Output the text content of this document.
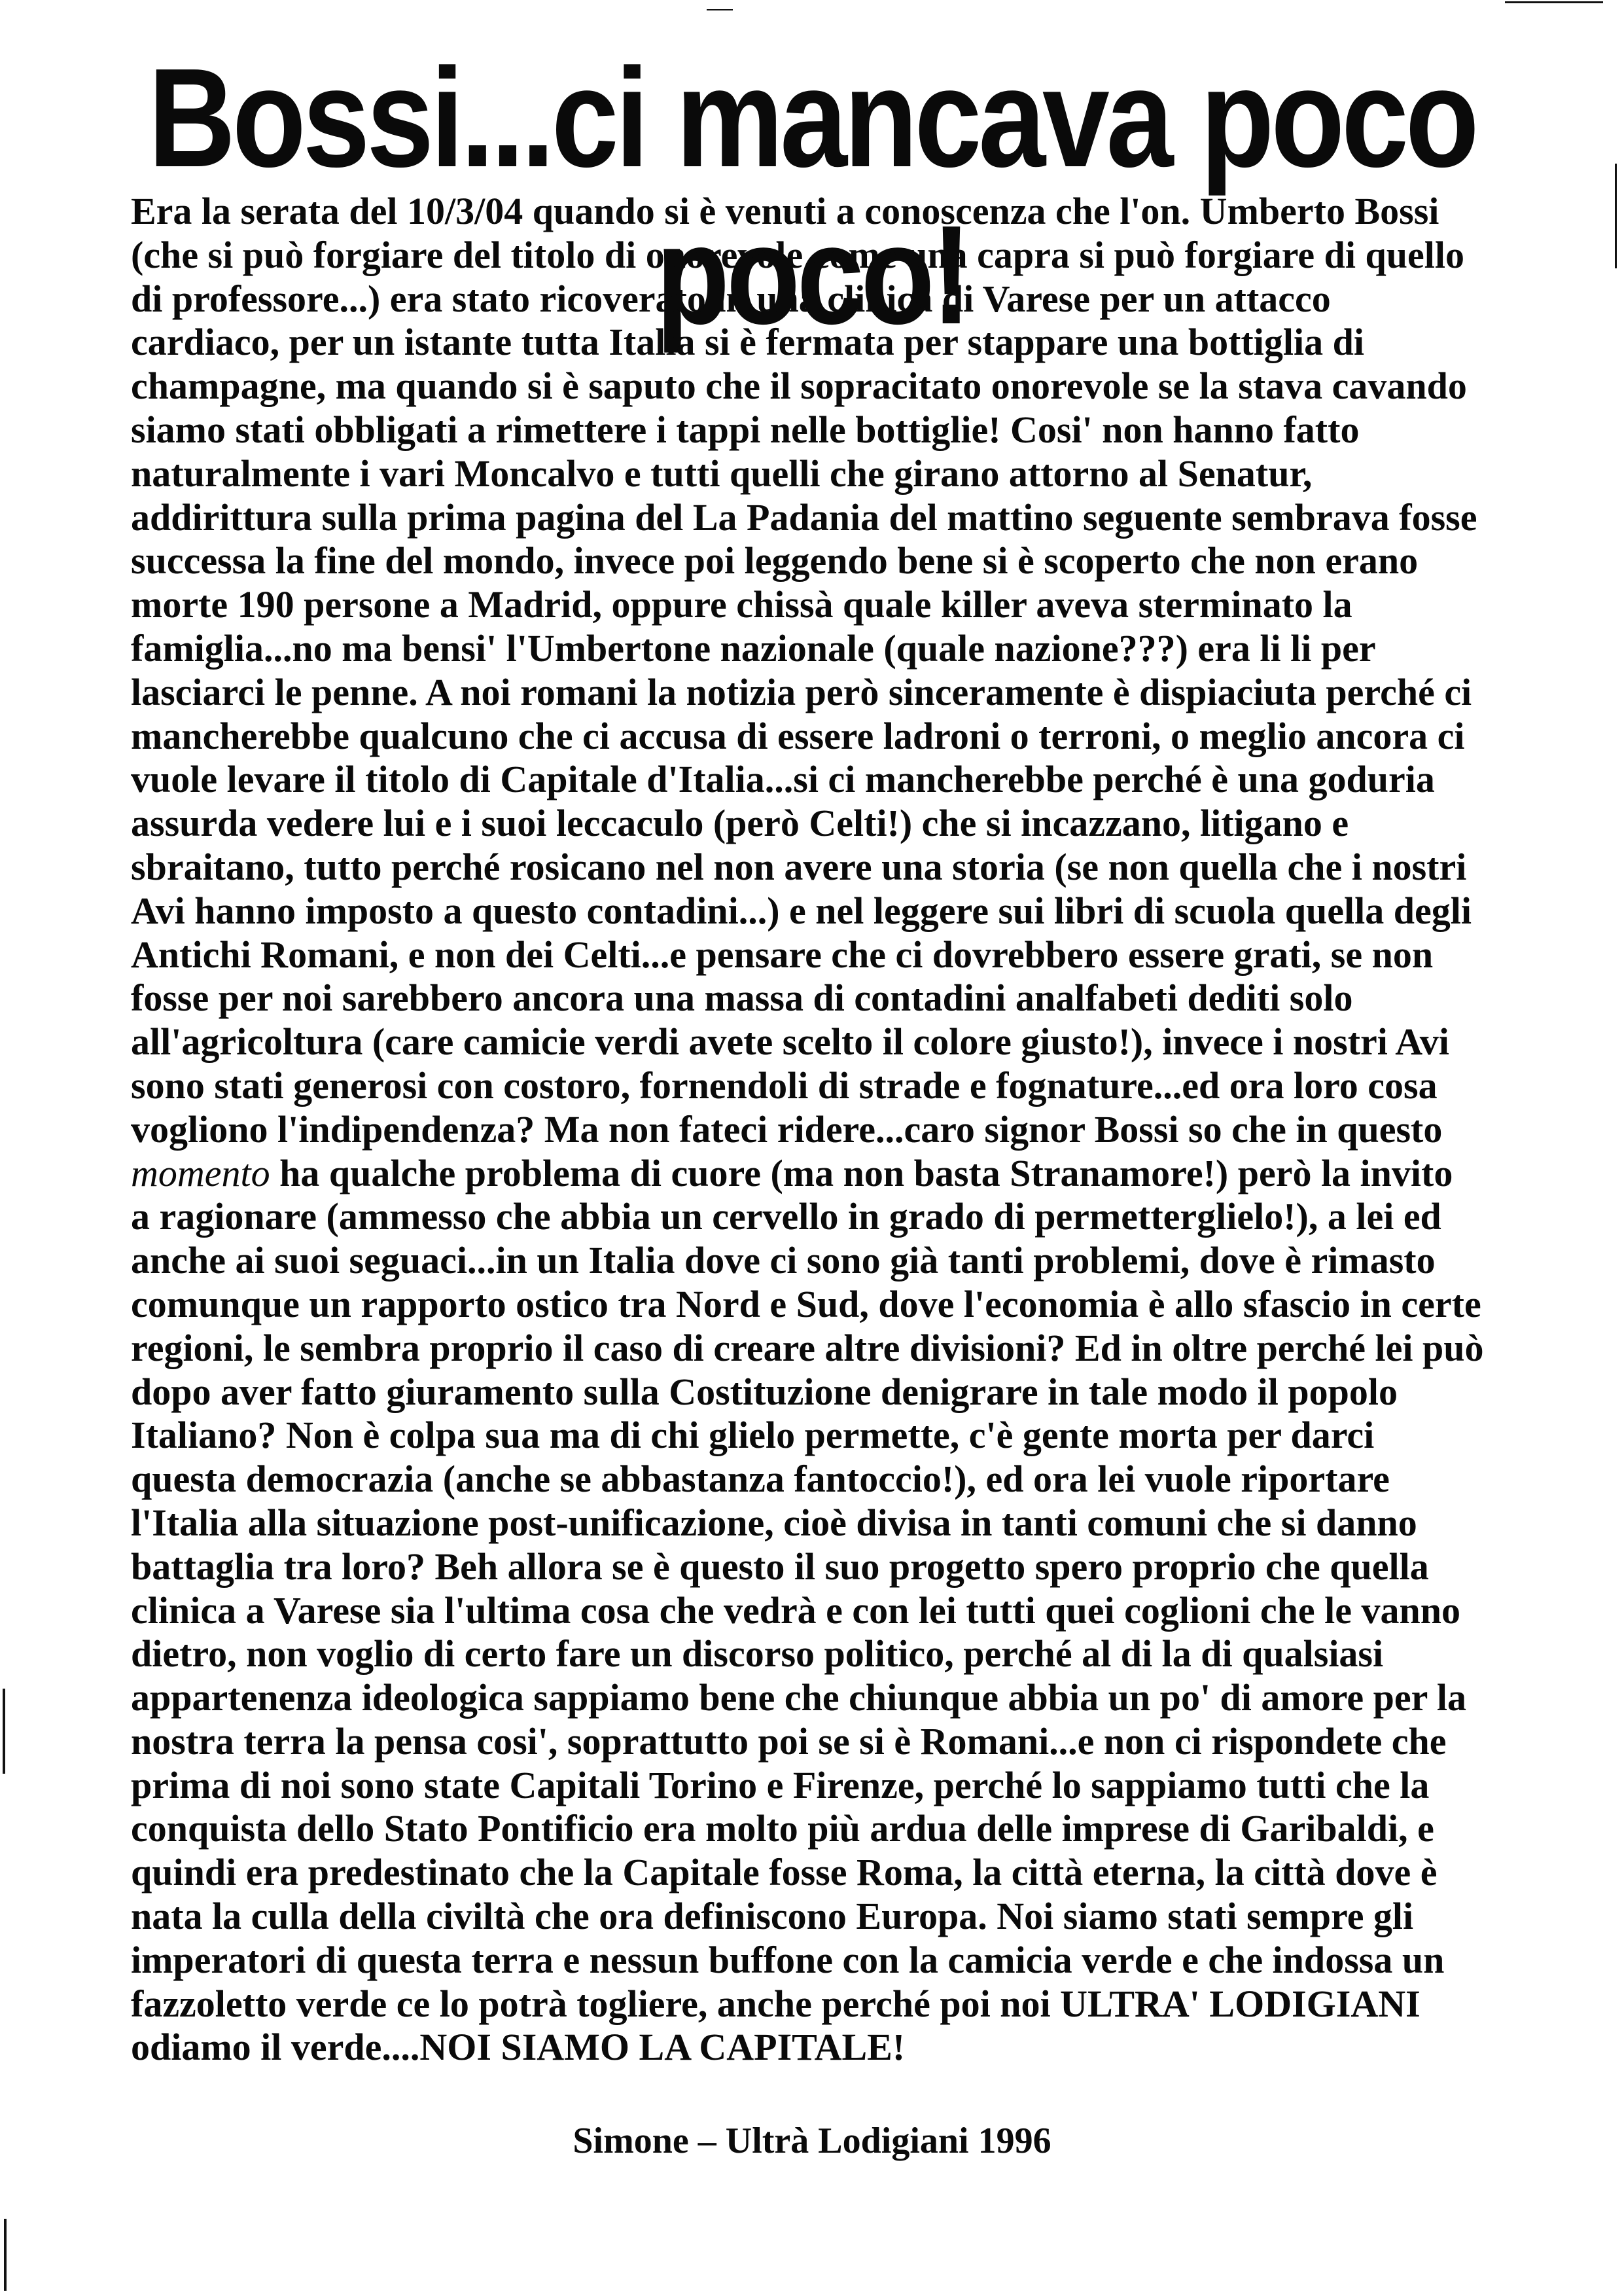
Bossi...ci mancava poco poco!
Era la serata del 10/3/04 quando si è venuti a conoscenza che l'on. Umberto Bossi
(che si può forgiare del titolo di onorevole come una capra si può forgiare di quello
di professore...) era stato ricoverato in una clinica di Varese per un attacco
cardiaco, per un istante tutta Italia si è fermata per stappare una bottiglia di
champagne, ma quando si è saputo che il sopracitato onorevole se la stava cavando
siamo stati obbligati a rimettere i tappi nelle bottiglie! Cosi' non hanno fatto
naturalmente i vari Moncalvo e tutti quelli che girano attorno al Senatur,
addirittura sulla prima pagina del La Padania del mattino seguente sembrava fosse
successa la fine del mondo, invece poi leggendo bene si è scoperto che non erano
morte 190 persone a Madrid, oppure chissà quale killer aveva sterminato la
famiglia...no ma bensi' l'Umbertone nazionale (quale nazione???) era li li per
lasciarci le penne. A noi romani la notizia però sinceramente è dispiaciuta perché ci
mancherebbe qualcuno che ci accusa di essere ladroni o terroni, o meglio ancora ci
vuole levare il titolo di Capitale d'Italia...si ci mancherebbe perché è una goduria
assurda vedere lui e i suoi leccaculo (però Celti!) che si incazzano, litigano e
sbraitano, tutto perché rosicano nel non avere una storia (se non quella che i nostri
Avi hanno imposto a questo contadini...) e nel leggere sui libri di scuola quella degli
Antichi Romani, e non dei Celti...e pensare che ci dovrebbero essere grati, se non
fosse per noi sarebbero ancora una massa di contadini analfabeti dediti solo
all'agricoltura (care camicie verdi avete scelto il colore giusto!), invece i nostri Avi
sono stati generosi con costoro, fornendoli di strade e fognature...ed ora loro cosa
vogliono l'indipendenza? Ma non fateci ridere...caro signor Bossi so che in questo
momento ha qualche problema di cuore (ma non basta Stranamore!) però la invito
a ragionare (ammesso che abbia un cervello in grado di permetterglielo!), a lei ed
anche ai suoi seguaci...in un Italia dove ci sono già tanti problemi, dove è rimasto
comunque un rapporto ostico tra Nord e Sud, dove l'economia è allo sfascio in certe
regioni, le sembra proprio il caso di creare altre divisioni? Ed in oltre perché lei può
dopo aver fatto giuramento sulla Costituzione denigrare in tale modo il popolo
Italiano? Non è colpa sua ma di chi glielo permette, c'è gente morta per darci
questa democrazia (anche se abbastanza fantoccio!), ed ora lei vuole riportare
l'Italia alla situazione post-unificazione, cioè divisa in tanti comuni che si danno
battaglia tra loro? Beh allora se è questo il suo progetto spero proprio che quella
clinica a Varese sia l'ultima cosa che vedrà e con lei tutti quei coglioni che le vanno
dietro, non voglio di certo fare un discorso politico, perché al di la di qualsiasi
appartenenza ideologica sappiamo bene che chiunque abbia un po' di amore per la
nostra terra la pensa cosi', soprattutto poi se si è Romani...e non ci rispondete che
prima di noi sono state Capitali Torino e Firenze, perché lo sappiamo tutti che la
conquista dello Stato Pontificio era molto più ardua delle imprese di Garibaldi, e
quindi era predestinato che la Capitale fosse Roma, la città eterna, la città dove è
nata la culla della civiltà che ora definiscono Europa. Noi siamo stati sempre gli
imperatori di questa terra e nessun buffone con la camicia verde e che indossa un
fazzoletto verde ce lo potrà togliere, anche perché poi noi ULTRA' LODIGIANI
odiamo il verde....NOI SIAMO LA CAPITALE!
Simone – Ultrà Lodigiani 1996
